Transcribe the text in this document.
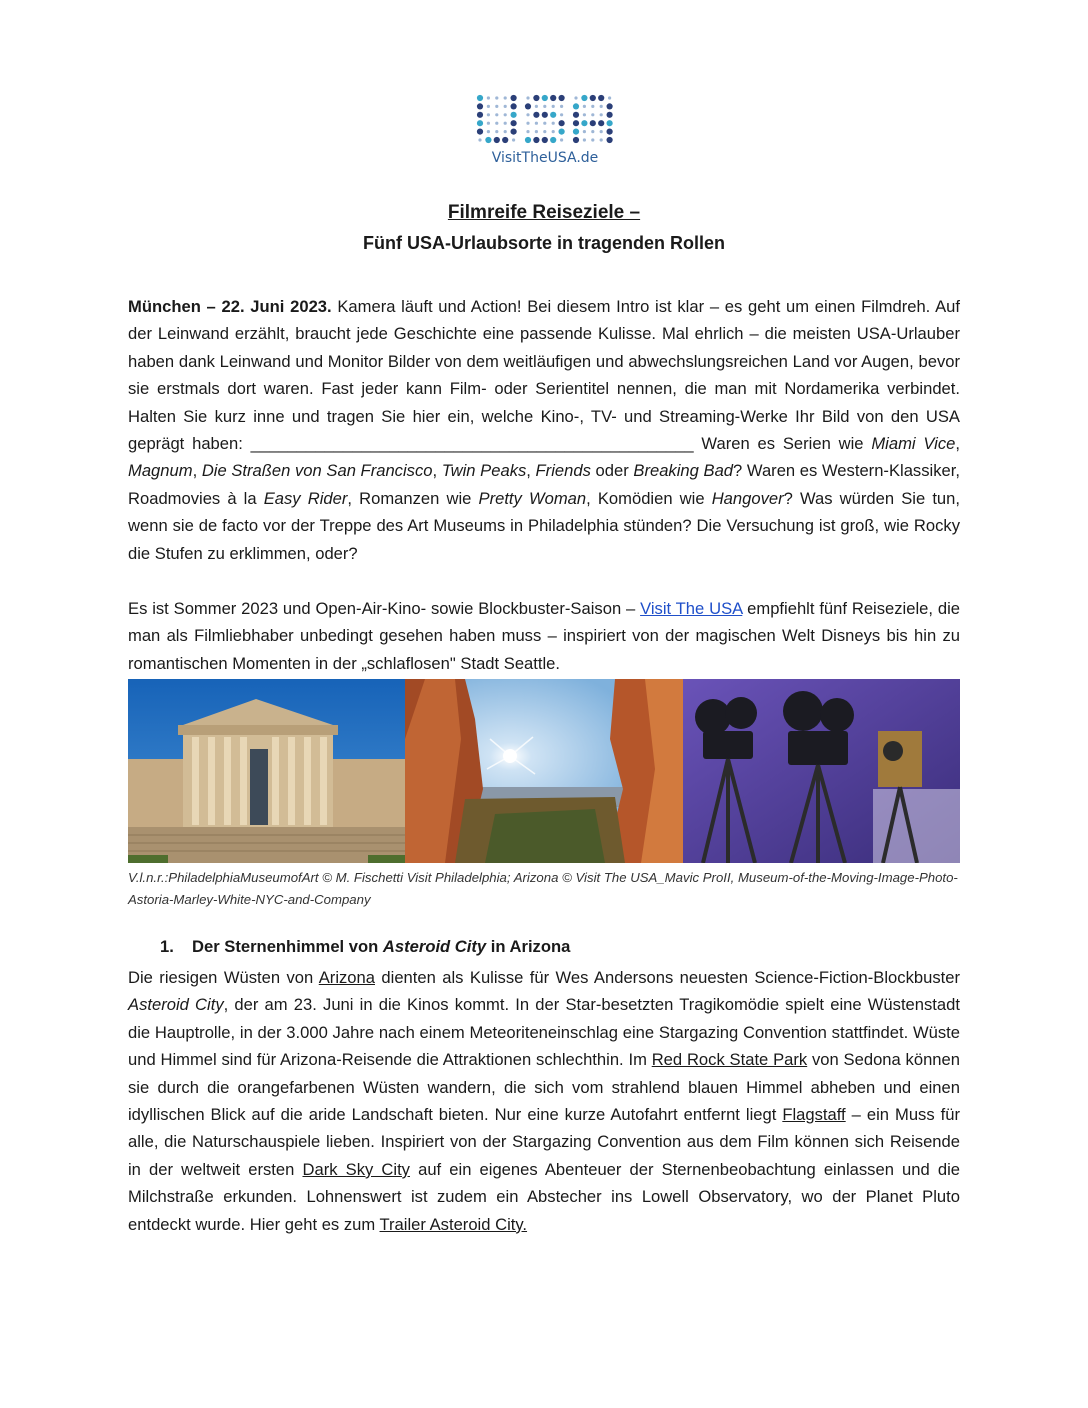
VisitTheUSA.de
Filmreife Reiseziele –
Fünf USA-Urlaubsorte in tragenden Rollen

München – 22. Juni 2023. Kamera läuft und Action! Bei diesem Intro ist klar – es geht um einen Filmdreh. Auf der Leinwand erzählt, braucht jede Geschichte eine passende Kulisse. Mal ehrlich – die meisten USA-Urlauber haben dank Leinwand und Monitor Bilder von dem weitläufigen und abwechslungsreichen Land vor Augen, bevor sie erstmals dort waren. Fast jeder kann Film- oder Serientitel nennen, die man mit Nordamerika verbindet. Halten Sie kurz inne und tragen Sie hier ein, welche Kino-, TV- und Streaming-Werke Ihr Bild von den USA geprägt haben: ________________________________________________ Waren es Serien wie Miami Vice, Magnum, Die Straßen von San Francisco, Twin Peaks, Friends oder Breaking Bad? Waren es Western-Klassiker, Roadmovies à la Easy Rider, Romanzen wie Pretty Woman, Komödien wie Hangover? Was würden Sie tun, wenn sie de facto vor der Treppe des Art Museums in Philadelphia stünden? Die Versuchung ist groß, wie Rocky die Stufen zu erklimmen, oder?

Es ist Sommer 2023 und Open-Air-Kino- sowie Blockbuster-Saison – Visit The USA empfiehlt fünf Reiseziele, die man als Filmliebhaber unbedingt gesehen haben muss – inspiriert von der magischen Welt Disneys bis hin zu romantischen Momenten in der „schlaflosen" Stadt Seattle.

V.l.n.r.:PhiladelphiaMuseumofArt © M. Fischetti Visit Philadelphia; Arizona © Visit The USA_Mavic ProII, Museum-of-the-Moving-Image-Photo-Astoria-Marley-White-NYC-and-Company
1. Der Sternenhimmel von Asteroid City in Arizona

Die riesigen Wüsten von Arizona dienten als Kulisse für Wes Andersons neuesten Science-Fiction-Blockbuster Asteroid City, der am 23. Juni in die Kinos kommt. In der Star-besetzten Tragikomödie spielt eine Wüstenstadt die Hauptrolle, in der 3.000 Jahre nach einem Meteoriteneinschlag eine Stargazing Convention stattfindet. Wüste und Himmel sind für Arizona-Reisende die Attraktionen schlechthin. Im Red Rock State Park von Sedona können sie durch die orangefarbenen Wüsten wandern, die sich vom strahlend blauen Himmel abheben und einen idyllischen Blick auf die aride Landschaft bieten. Nur eine kurze Autofahrt entfernt liegt Flagstaff – ein Muss für alle, die Naturschauspiele lieben. Inspiriert von der Stargazing Convention aus dem Film können sich Reisende in der weltweit ersten Dark Sky City auf ein eigenes Abenteuer der Sternenbeobachtung einlassen und die Milchstraße erkunden. Lohnenswert ist zudem ein Abstecher ins Lowell Observatory, wo der Planet Pluto entdeckt wurde. Hier geht es zum Trailer Asteroid City.
